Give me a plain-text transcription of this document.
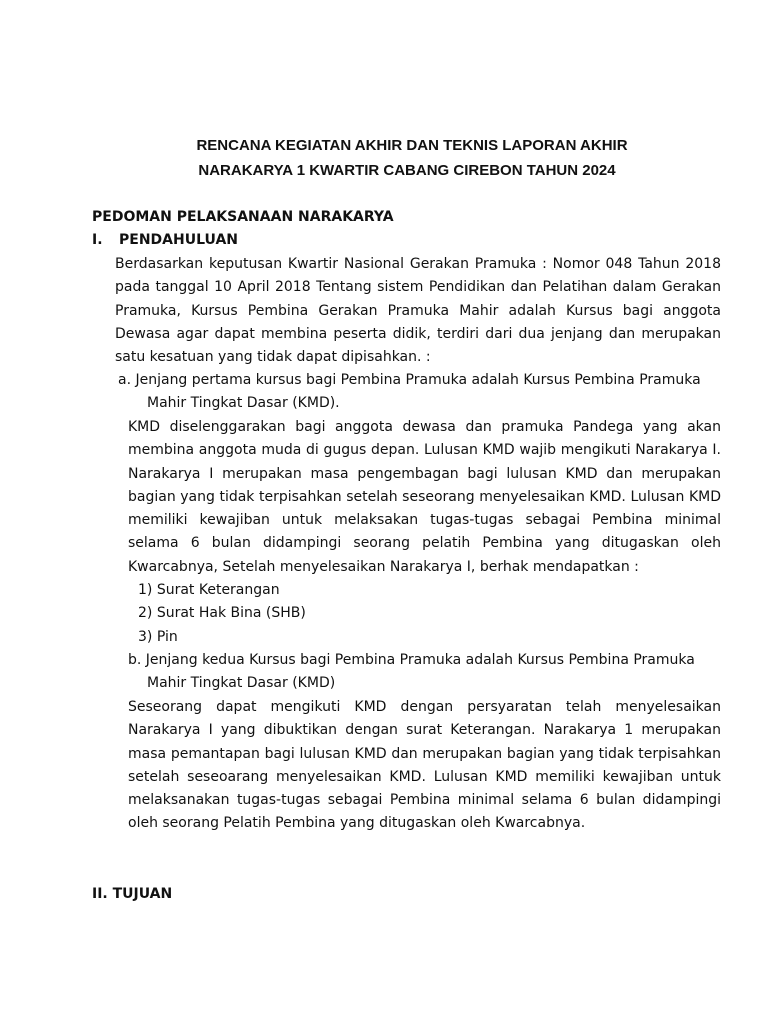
RENCANA KEGIATAN AKHIR DAN TEKNIS LAPORAN AKHIR
NARAKARYA 1 KWARTIR CABANG CIREBON TAHUN 2024
PEDOMAN PELAKSANAAN NARAKARYA
I. PENDAHULUAN

Berdasarkan keputusan Kwartir Nasional Gerakan Pramuka : Nomor 048 Tahun 2018 pada tanggal 10 April 2018 Tentang sistem Pendidikan dan Pelatihan dalam Gerakan Pramuka, Kursus Pembina Gerakan Pramuka Mahir adalah Kursus bagi anggota Dewasa agar dapat membina peserta didik, terdiri dari dua jenjang dan merupakan satu kesatuan yang tidak dapat dipisahkan. :

a. Jenjang pertama kursus bagi Pembina Pramuka adalah Kursus Pembina Pramuka
Mahir Tingkat Dasar (KMD).

KMD diselenggarakan bagi anggota dewasa dan pramuka Pandega yang akan membina anggota muda di gugus depan. Lulusan KMD wajib mengikuti Narakarya I. Narakarya I merupakan masa pengembagan bagi lulusan KMD dan merupakan bagian yang tidak terpisahkan setelah seseorang menyelesaikan KMD. Lulusan KMD memiliki kewajiban untuk melaksakan tugas-tugas sebagai Pembina minimal selama 6 bulan didampingi seorang pelatih Pembina yang ditugaskan oleh Kwarcabnya, Setelah menyelesaikan Narakarya I, berhak mendapatkan :

1) Surat Keterangan
2) Surat Hak Bina (SHB)
3) Pin
b. Jenjang kedua Kursus bagi Pembina Pramuka adalah Kursus Pembina Pramuka
Mahir Tingkat Dasar (KMD)

Seseorang dapat mengikuti KMD dengan persyaratan telah menyelesaikan Narakarya I yang dibuktikan dengan surat Keterangan. Narakarya 1 merupakan masa pemantapan bagi lulusan KMD dan merupakan bagian yang tidak terpisahkan setelah seseoarang menyelesaikan KMD. Lulusan KMD memiliki kewajiban untuk melaksanakan tugas-tugas sebagai Pembina minimal selama 6 bulan didampingi oleh seorang Pelatih Pembina yang ditugaskan oleh Kwarcabnya.

II. TUJUAN
